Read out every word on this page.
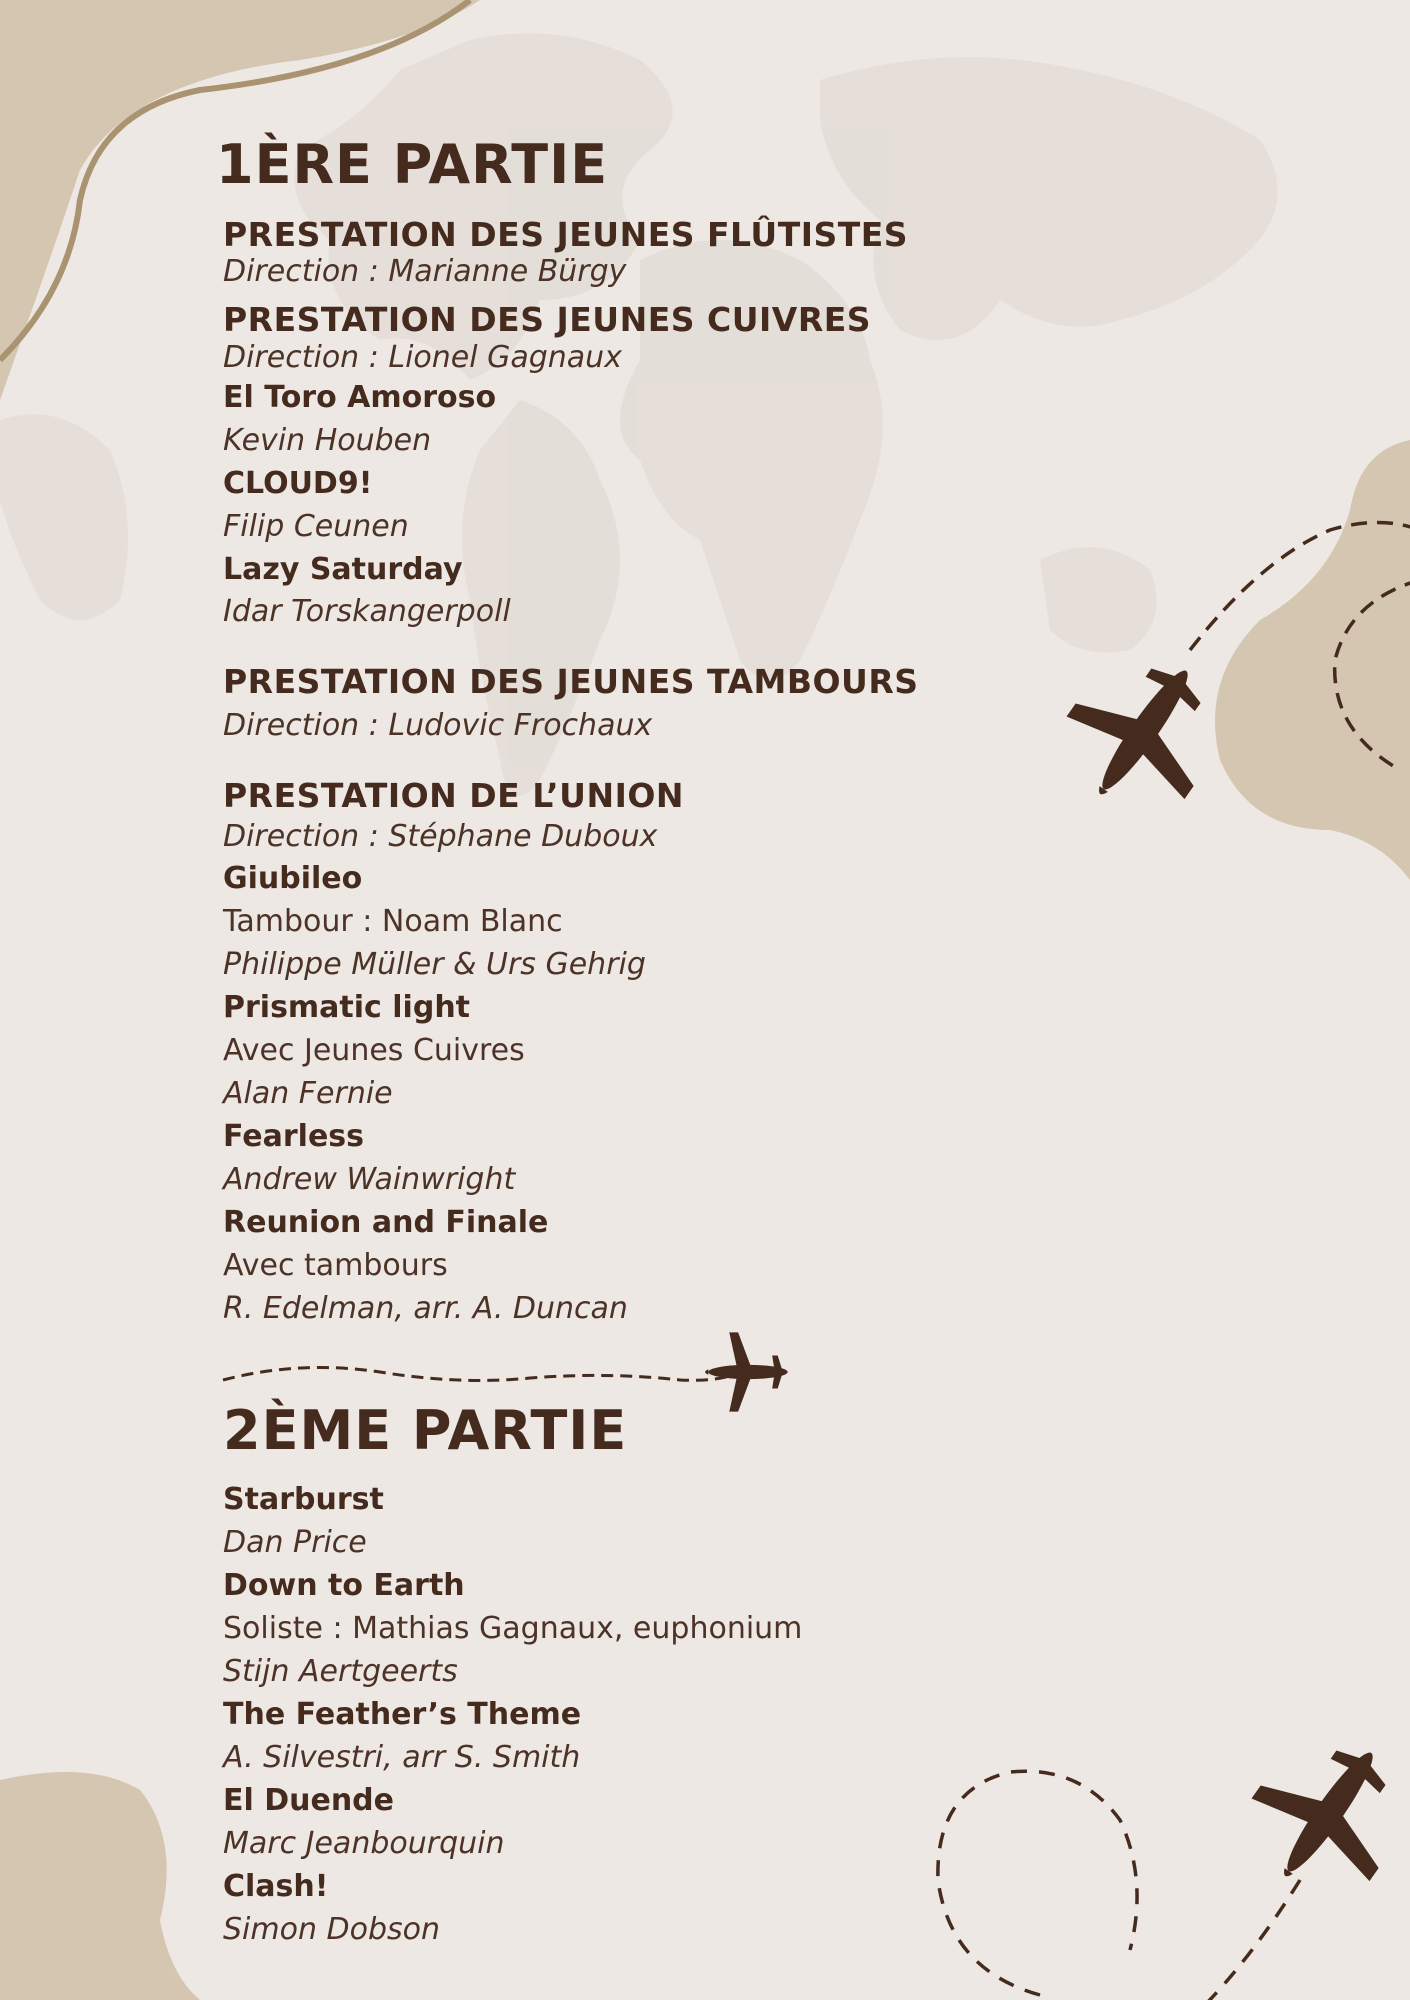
1ÈRE PARTIE
PRESTATION DES JEUNES FLÛTISTES
Direction : Marianne Bürgy
PRESTATION DES JEUNES CUIVRES
Direction : Lionel Gagnaux
El Toro Amoroso
Kevin Houben
CLOUD9!
Filip Ceunen
Lazy Saturday
Idar Torskangerpoll
PRESTATION DES JEUNES TAMBOURS
Direction : Ludovic Frochaux
PRESTATION DE L’UNION
Direction : Stéphane Duboux
Giubileo
Tambour : Noam Blanc
Philippe Müller & Urs Gehrig
Prismatic light
Avec Jeunes Cuivres
Alan Fernie
Fearless
Andrew Wainwright
Reunion and Finale
Avec tambours
R. Edelman, arr. A. Duncan
2ÈME PARTIE
Starburst
Dan Price
Down to Earth
Soliste : Mathias Gagnaux, euphonium
Stijn Aertgeerts
The Feather’s Theme
A. Silvestri, arr S. Smith
El Duende
Marc Jeanbourquin
Clash!
Simon Dobson
